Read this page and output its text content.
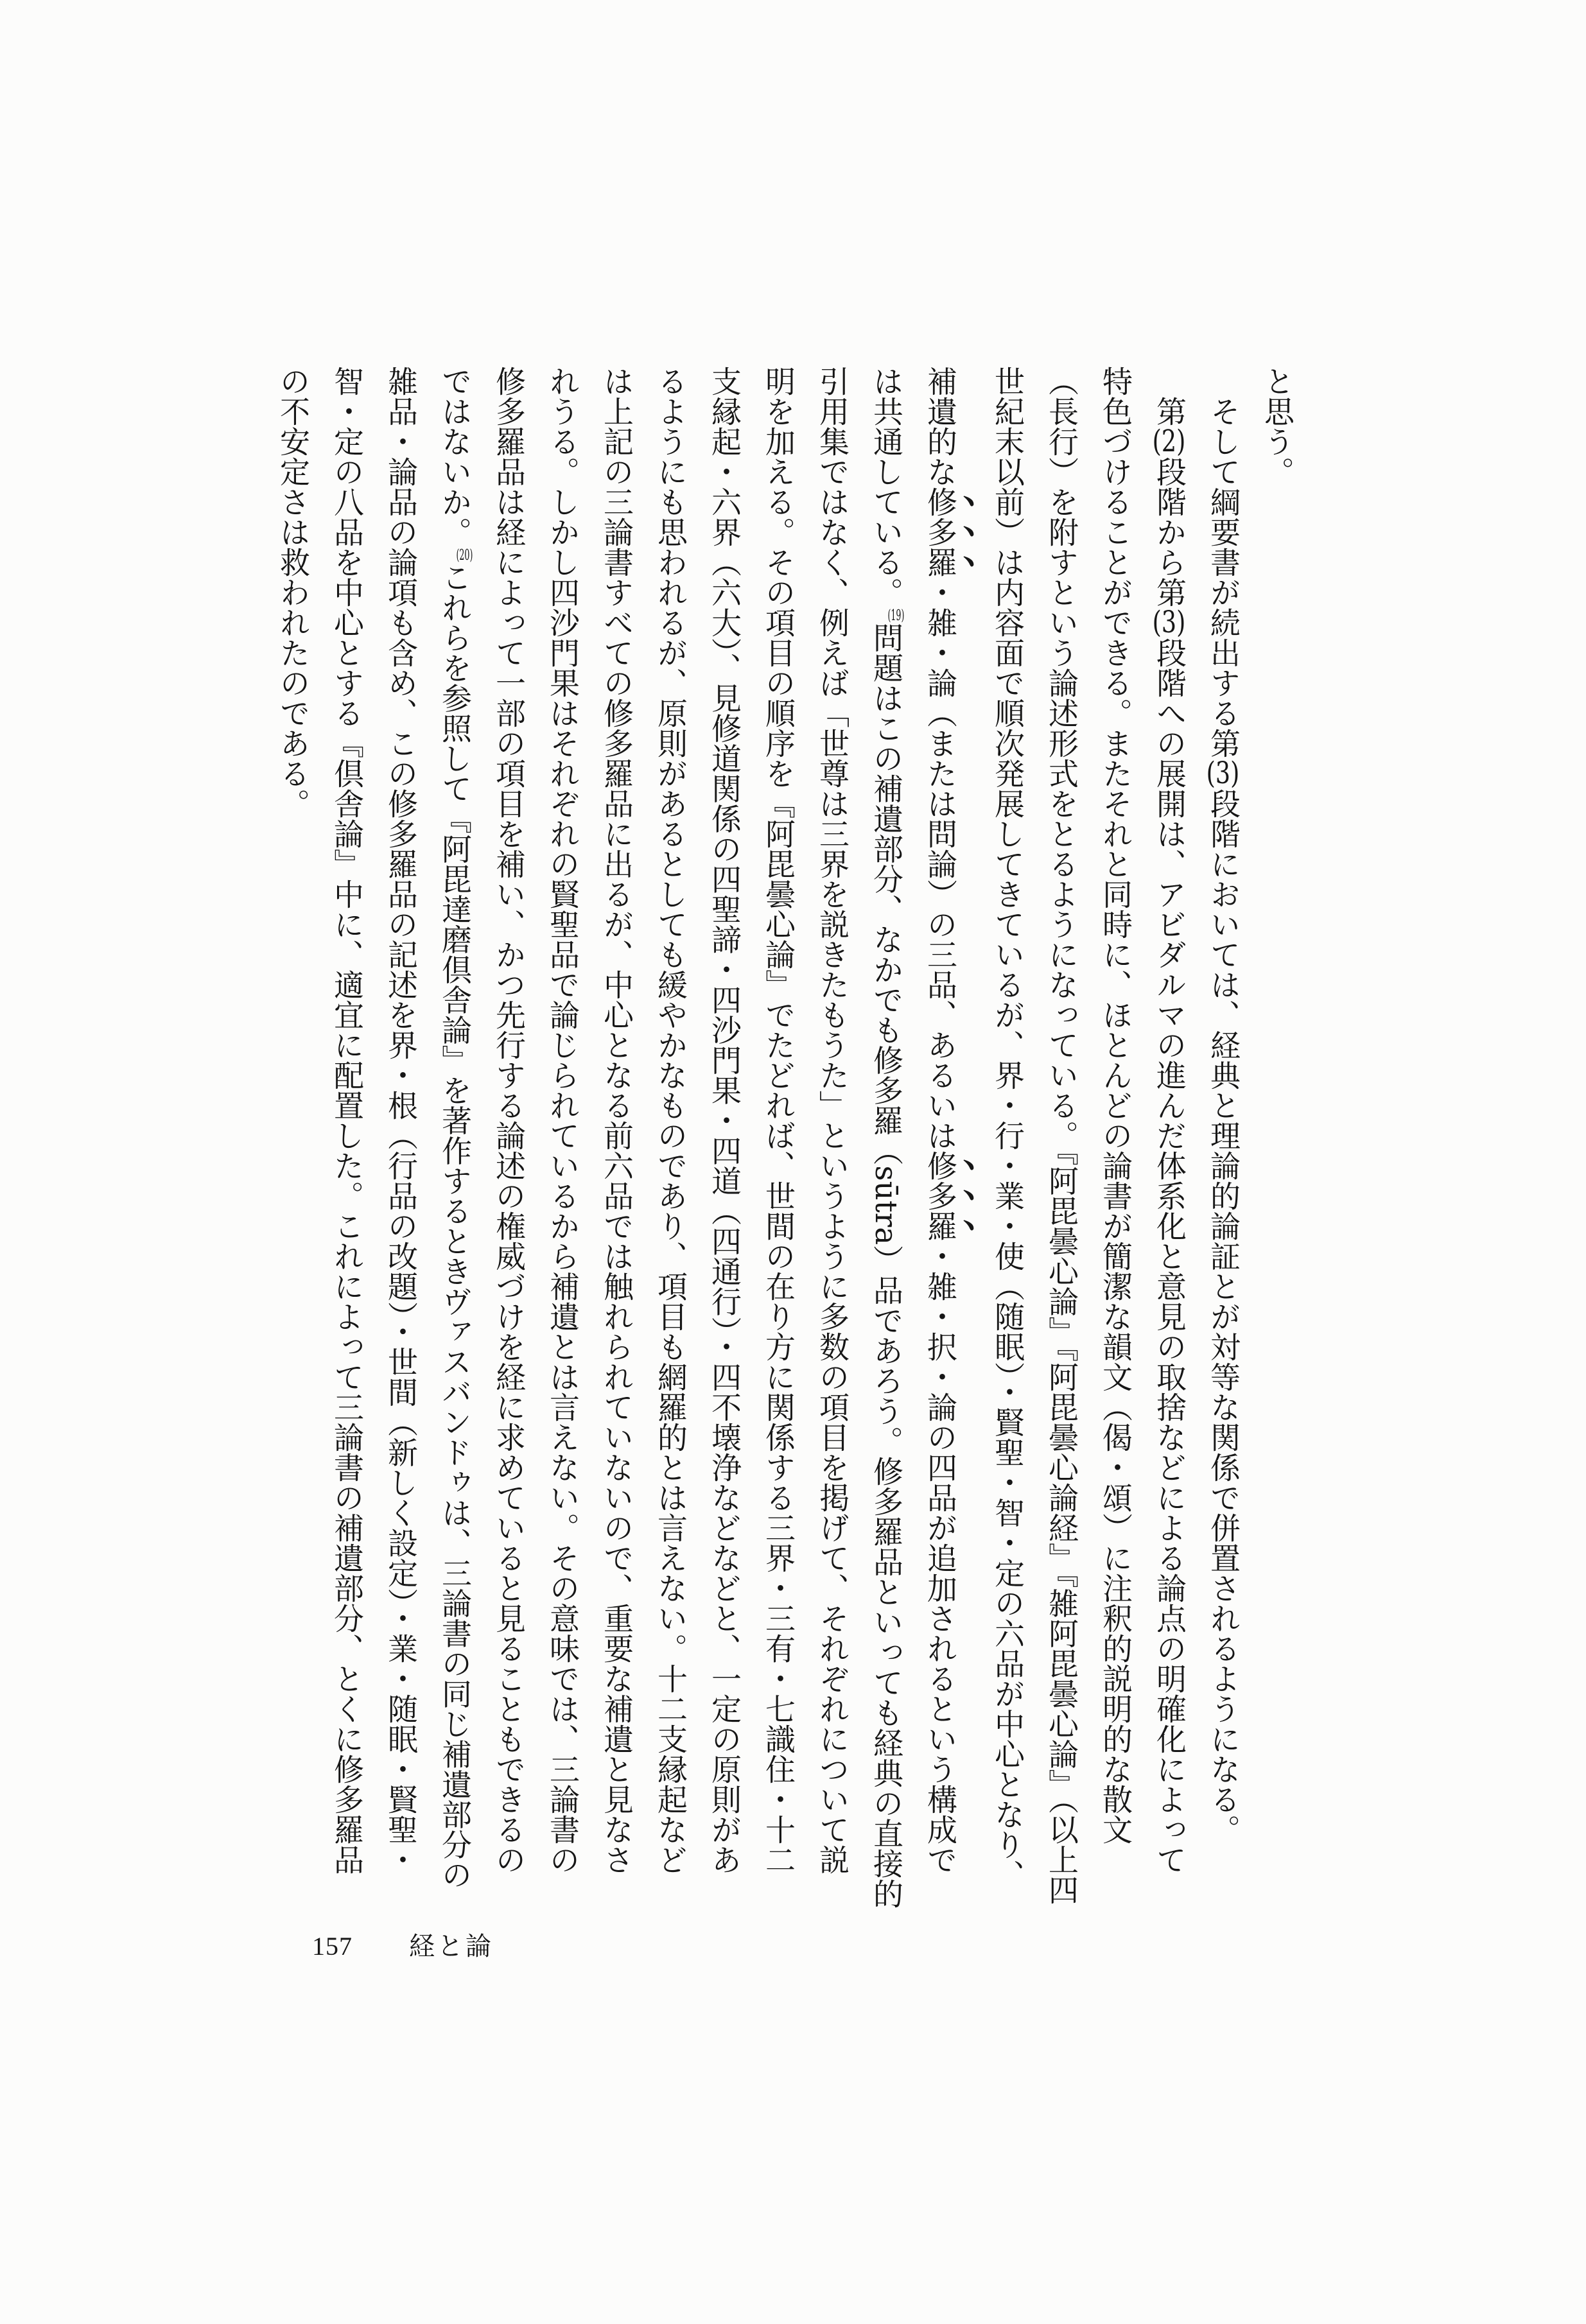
と思う。
そして綱要書が続出する第(3)段階においては、経典と理論的論証とが対等な関係で併置されるようになる。
第(2)段階から第(3)段階への展開は、アビダルマの進んだ体系化と意見の取捨などによる論点の明確化によって
特色づけることができる。またそれと同時に、ほとんどの論書が簡潔な韻文（偈・頌）に注釈的説明的な散文
（長行）を附すという論述形式をとるようになっている。『阿毘曇心論』『阿毘曇心論経』『雑阿毘曇心論』（以上四
世紀末以前）は内容面で順次発展してきているが、界・行・業・使（随眠）・賢聖・智・定の六品が中心となり、
補遺的な修多羅・雑・論（または問論）の三品、あるいは修多羅・雑・択・論の四品が追加されるという構成で
は共通している。(19)問題はこの補遺部分、なかでも修多羅（sūtra）品であろう。修多羅品といっても経典の直接的
引用集ではなく、例えば「世尊は三界を説きたもうた」というように多数の項目を掲げて、それぞれについて説
明を加える。その項目の順序を『阿毘曇心論』でたどれば、世間の在り方に関係する三界・三有・七識住・十二
支縁起・六界（六大）、見修道関係の四聖諦・四沙門果・四道（四通行）・四不壊浄などなどと、一定の原則があ
るようにも思われるが、原則があるとしても緩やかなものであり、項目も網羅的とは言えない。十二支縁起など
は上記の三論書すべての修多羅品に出るが、中心となる前六品では触れられていないので、重要な補遺と見なさ
れうる。しかし四沙門果はそれぞれの賢聖品で論じられているから補遺とは言えない。その意味では、三論書の
修多羅品は経によって一部の項目を補い、かつ先行する論述の権威づけを経に求めていると見ることもできるの
ではないか。(20)これらを参照して『阿毘達磨倶舎論』を著作するときヴァスバンドゥは、三論書の同じ補遺部分の
雑品・論品の論項も含め、この修多羅品の記述を界・根（行品の改題）・世間（新しく設定）・業・随眠・賢聖・
智・定の八品を中心とする『倶舎論』中に、適宜に配置した。これによって三論書の補遺部分、とくに修多羅品
の不安定さは救われたのである。
157 経と論
